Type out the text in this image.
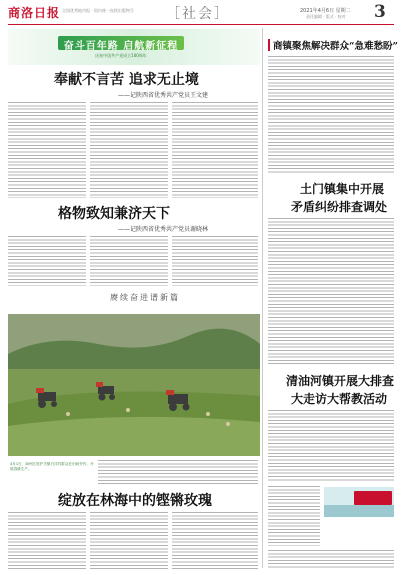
商洛日报 全国优秀地市报 · 国内统一连续出版物号 ［社会］	2021年4月6日 星期二
责任编辑 · 版式 · 校对 3
奋斗百年路 启航新征程
庆祝中国共产党成立100周年
奉献不言苦 追求无止境
——记陕西省优秀共产党员王文建
格物致知兼济天下
——记陕西省优秀共产党员谢晓林
赓续奋进谱新篇
4月1日，商州区牧护关镇白洋村群众在田间劳作，开展春耕生产。
绽放在林海中的铿锵玫瑰
商镇聚焦解决群众“急难愁盼”
土门镇集中开展
矛盾纠纷排查调处
清油河镇开展大排查
大走访大帮教活动
